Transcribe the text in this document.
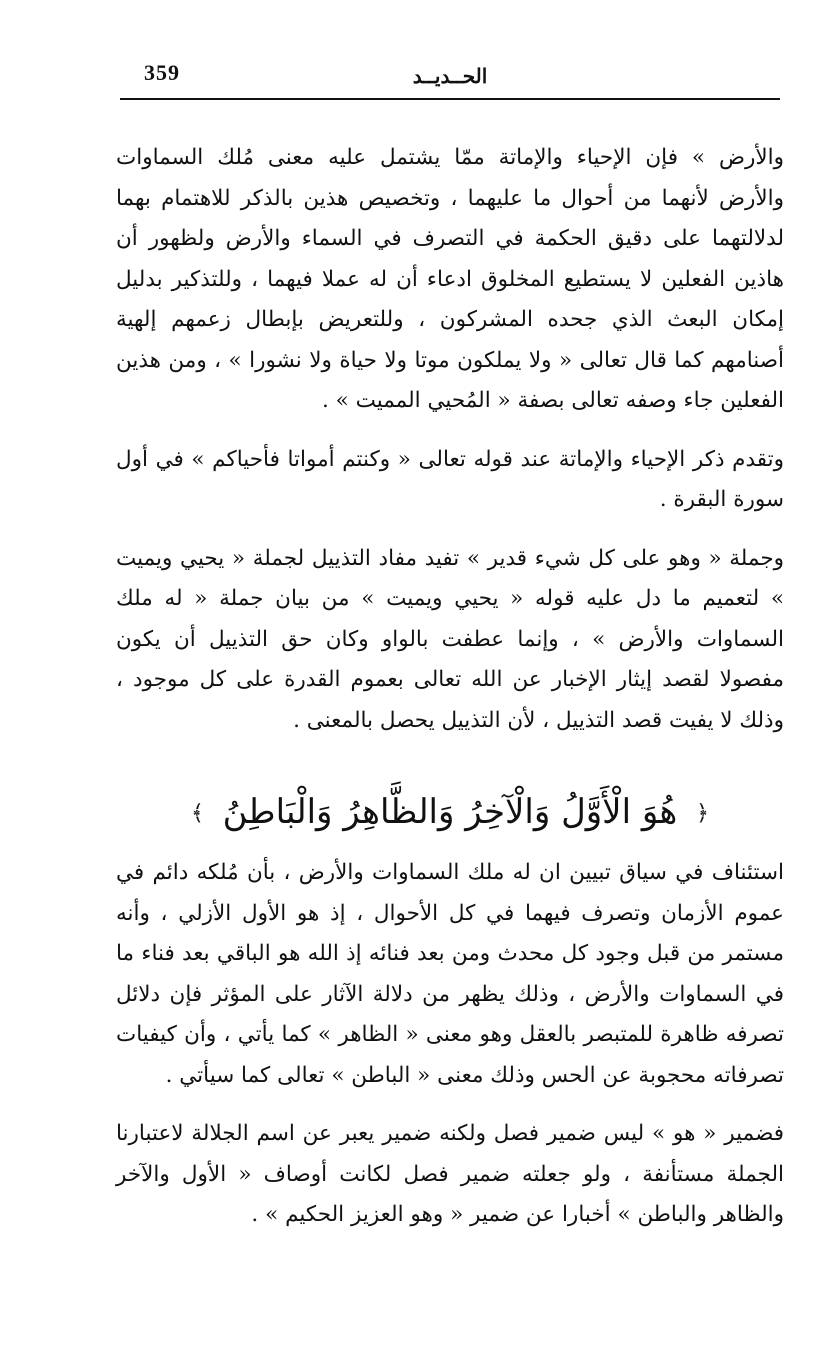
359	الحــديــد

والأرض » فإن الإحياء والإماتة ممّا يشتمل عليه معنى مُلك السماوات والأرض لأنهما من أحوال ما عليهما ، وتخصيص هذين بالذكر للاهتمام بهما لدلالتهما على دقيق الحكمة في التصرف في السماء والأرض ولظهور أن هاذين الفعلين لا يستطيع المخلوق ادعاء أن له عملا فيهما ، وللتذكير بدليل إمكان البعث الذي جحده المشركون ، وللتعريض بإبطال زعمهم إلهية أصنامهم كما قال تعالى « ولا يملكون موتا ولا حياة ولا نشورا » ، ومن هذين الفعلين جاء وصفه تعالى بصفة « المُحيي المميت » .

وتقدم ذكر الإحياء والإماتة عند قوله تعالى « وكنتم أمواتا فأحياكم » في أول سورة البقرة .

وجملة « وهو على كل شيء قدير » تفيد مفاد التذييل لجملة « يحيي ويميت » لتعميم ما دل عليه قوله « يحيي ويميت » من بيان جملة « له ملك السماوات والأرض » ، وإنما عطفت بالواو وكان حق التذييل أن يكون مفصولا لقصد إيثار الإخبار عن الله تعالى بعموم القدرة على كل موجود ، وذلك لا يفيت قصد التذييل ، لأن التذييل يحصل بالمعنى .

﴿ هُوَ الْأَوَّلُ وَالْآخِرُ وَالظَّاهِرُ وَالْبَاطِنُ ﴾

استئناف في سياق تبيين ان له ملك السماوات والأرض ، بأن مُلكه دائم في عموم الأزمان وتصرف فيهما في كل الأحوال ، إذ هو الأول الأزلي ، وأنه مستمر من قبل وجود كل محدث ومن بعد فنائه إذ الله هو الباقي بعد فناء ما في السماوات والأرض ، وذلك يظهر من دلالة الآثار على المؤثر فإن دلائل تصرفه ظاهرة للمتبصر بالعقل وهو معنى « الظاهر » كما يأتي ، وأن كيفيات تصرفاته محجوبة عن الحس وذلك معنى « الباطن » تعالى كما سيأتي .

فضمير « هو » ليس ضمير فصل ولكنه ضمير يعبر عن اسم الجلالة لاعتبارنا الجملة مستأنفة ، ولو جعلته ضمير فصل لكانت أوصاف « الأول والآخر والظاهر والباطن » أخبارا عن ضمير « وهو العزيز الحكيم » .
